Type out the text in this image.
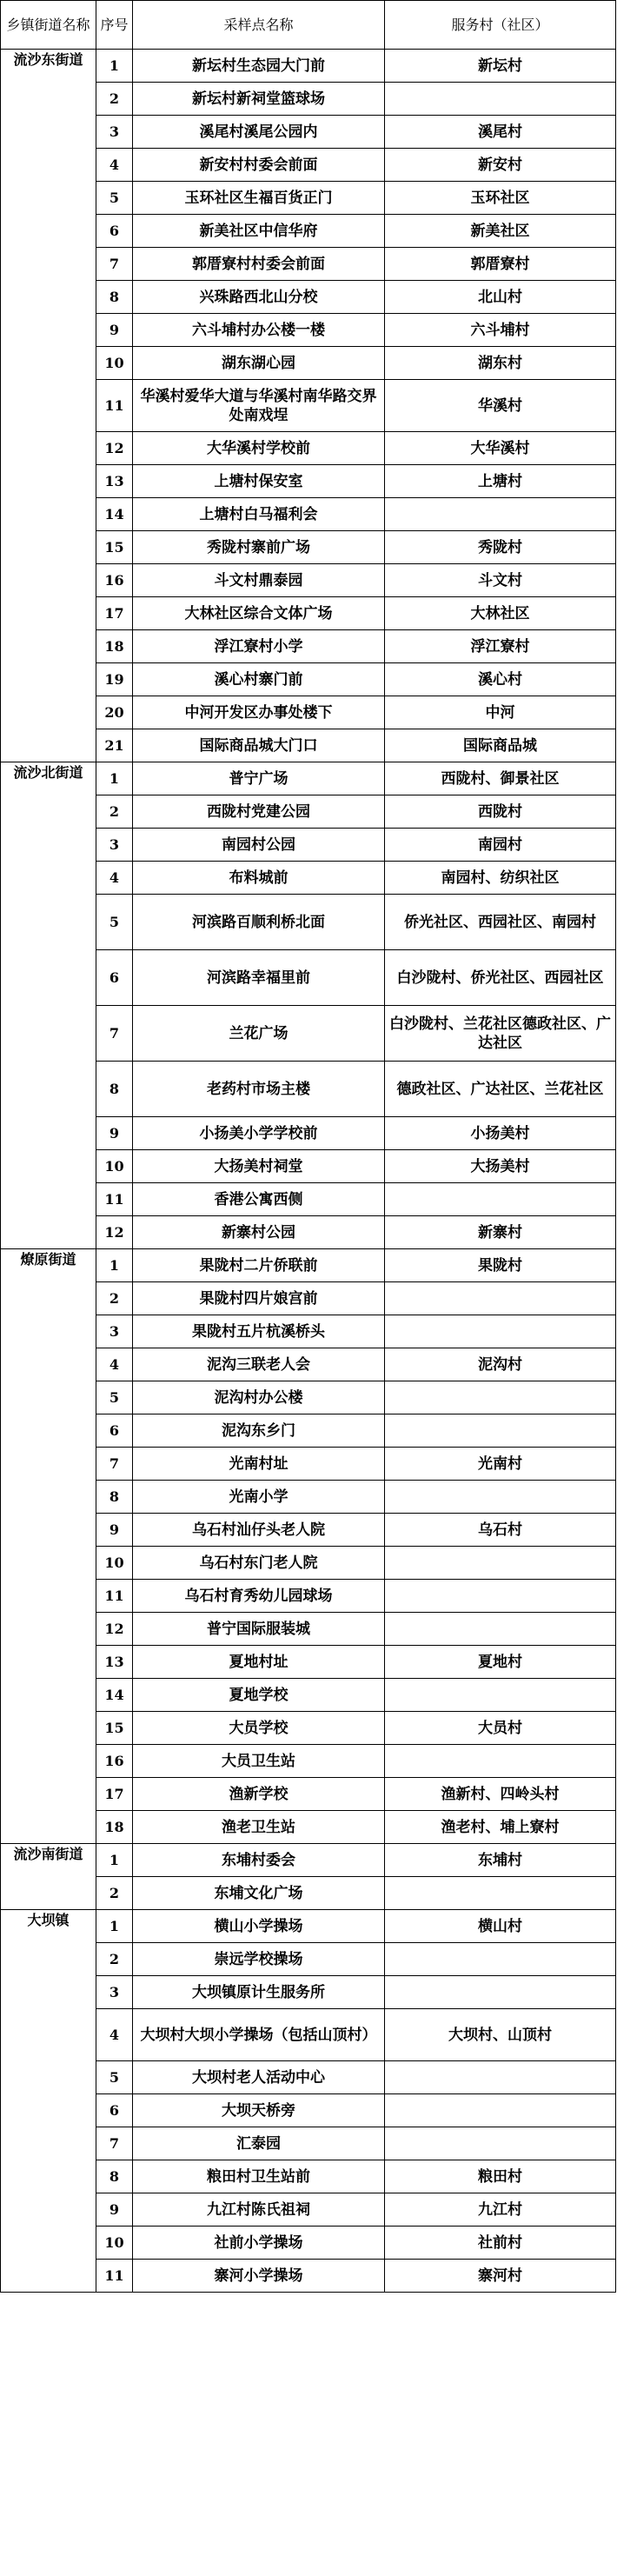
乡镇街道名称	序号	采样点名称	服务村（社区）
流沙东街道	1	新坛村生态园大门前	新坛村
	2	新坛村新祠堂篮球场	
	3	溪尾村溪尾公园内	溪尾村
	4	新安村村委会前面	新安村
	5	玉环社区生福百货正门	玉环社区
	6	新美社区中信华府	新美社区
	7	郭厝寮村村委会前面	郭厝寮村
	8	兴珠路西北山分校	北山村
	9	六斗埔村办公楼一楼	六斗埔村
	10	湖东湖心园	湖东村
	11	华溪村爱华大道与华溪村南华路交界处南戏埕	华溪村
	12	大华溪村学校前	大华溪村
	13	上塘村保安室	上塘村
	14	上塘村白马福利会	
	15	秀陇村寨前广场	秀陇村
	16	斗文村鼎泰园	斗文村
	17	大林社区综合文体广场	大林社区
	18	浮江寮村小学	浮江寮村
	19	溪心村寨门前	溪心村
	20	中河开发区办事处楼下	中河
	21	国际商品城大门口	国际商品城
流沙北街道	1	普宁广场	西陇村、御景社区
	2	西陇村党建公园	西陇村
	3	南园村公园	南园村
	4	布料城前	南园村、纺织社区
	5	河滨路百顺利桥北面	侨光社区、西园社区、南园村
	6	河滨路幸福里前	白沙陇村、侨光社区、西园社区
	7	兰花广场	白沙陇村、兰花社区德政社区、广达社区
	8	老药村市场主楼	德政社区、广达社区、兰花社区
	9	小扬美小学学校前	小扬美村
	10	大扬美村祠堂	大扬美村
	11	香港公寓西侧	
	12	新寨村公园	新寨村
燎原街道	1	果陇村二片侨联前	果陇村
	2	果陇村四片娘宫前	
	3	果陇村五片杭溪桥头	
	4	泥沟三联老人会	泥沟村
	5	泥沟村办公楼	
	6	泥沟东乡门	
	7	光南村址	光南村
	8	光南小学	
	9	乌石村汕仔头老人院	乌石村
	10	乌石村东门老人院	
	11	乌石村育秀幼儿园球场	
	12	普宁国际服装城	
	13	夏地村址	夏地村
	14	夏地学校	
	15	大员学校	大员村
	16	大员卫生站	
	17	渔新学校	渔新村、四岭头村
	18	渔老卫生站	渔老村、埔上寮村
流沙南街道	1	东埔村委会	东埔村
	2	东埔文化广场	
大坝镇	1	横山小学操场	横山村
	2	崇远学校操场	
	3	大坝镇原计生服务所	
	4	大坝村大坝小学操场（包括山顶村）	大坝村、山顶村
	5	大坝村老人活动中心	
	6	大坝天桥旁	
	7	汇泰园	
	8	粮田村卫生站前	粮田村
	9	九江村陈氏祖祠	九江村
	10	社前小学操场	社前村
	11	寨河小学操场	寨河村
